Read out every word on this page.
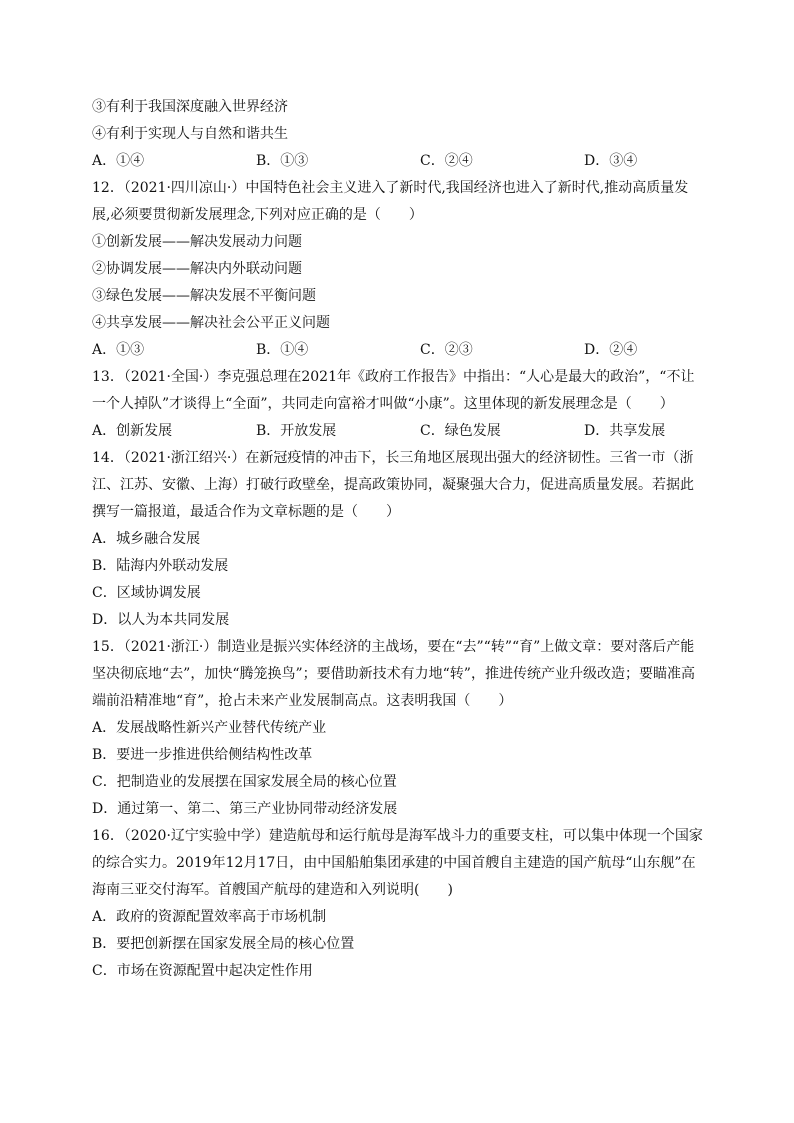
③有利于我国深度融入世界经济
④有利于实现人与自然和谐共生
A．①④	B．①③	C．②④	D．③④
12．（2021·四川凉山·）中国特色社会主义进入了新时代,我国经济也进入了新时代,推动高质量发展,必须要贯彻新发展理念,下列对应正确的是（　　）
①创新发展——解决发展动力问题
②协调发展——解决内外联动问题
③绿色发展——解决发展不平衡问题
④共享发展——解决社会公平正义问题
A．①③	B．①④	C．②③	D．②④
13．（2021·全国·）李克强总理在2021年《政府工作报告》中指出：“人心是最大的政治”，“不让一个人掉队”才谈得上“全面”，共同走向富裕才叫做“小康”。这里体现的新发展理念是（　　）
A．创新发展	B．开放发展	C．绿色发展	D．共享发展
14．（2021·浙江绍兴·）在新冠疫情的冲击下，长三角地区展现出强大的经济韧性。三省一市（浙江、江苏、安徽、上海）打破行政壁垒，提高政策协同，凝聚强大合力，促进高质量发展。若据此撰写一篇报道，最适合作为文章标题的是（　　）
A．城乡融合发展
B．陆海内外联动发展
C．区域协调发展
D．以人为本共同发展
15．（2021·浙江·）制造业是振兴实体经济的主战场，要在“去”“转”“育”上做文章：要对落后产能坚决彻底地“去”，加快“腾笼换鸟”；要借助新技术有力地“转”，推进传统产业升级改造；要瞄准高端前沿精准地“育”，抢占未来产业发展制高点。这表明我国（　　）
A．发展战略性新兴产业替代传统产业
B．要进一步推进供给侧结构性改革
C．把制造业的发展摆在国家发展全局的核心位置
D．通过第一、第二、第三产业协同带动经济发展
16．（2020·辽宁实验中学）建造航母和运行航母是海军战斗力的重要支柱，可以集中体现一个国家的综合实力。2019年12月17日，由中国船舶集团承建的中国首艘自主建造的国产航母“山东舰”在海南三亚交付海军。首艘国产航母的建造和入列说明(　　)
A．政府的资源配置效率高于市场机制
B．要把创新摆在国家发展全局的核心位置
C．市场在资源配置中起决定性作用
